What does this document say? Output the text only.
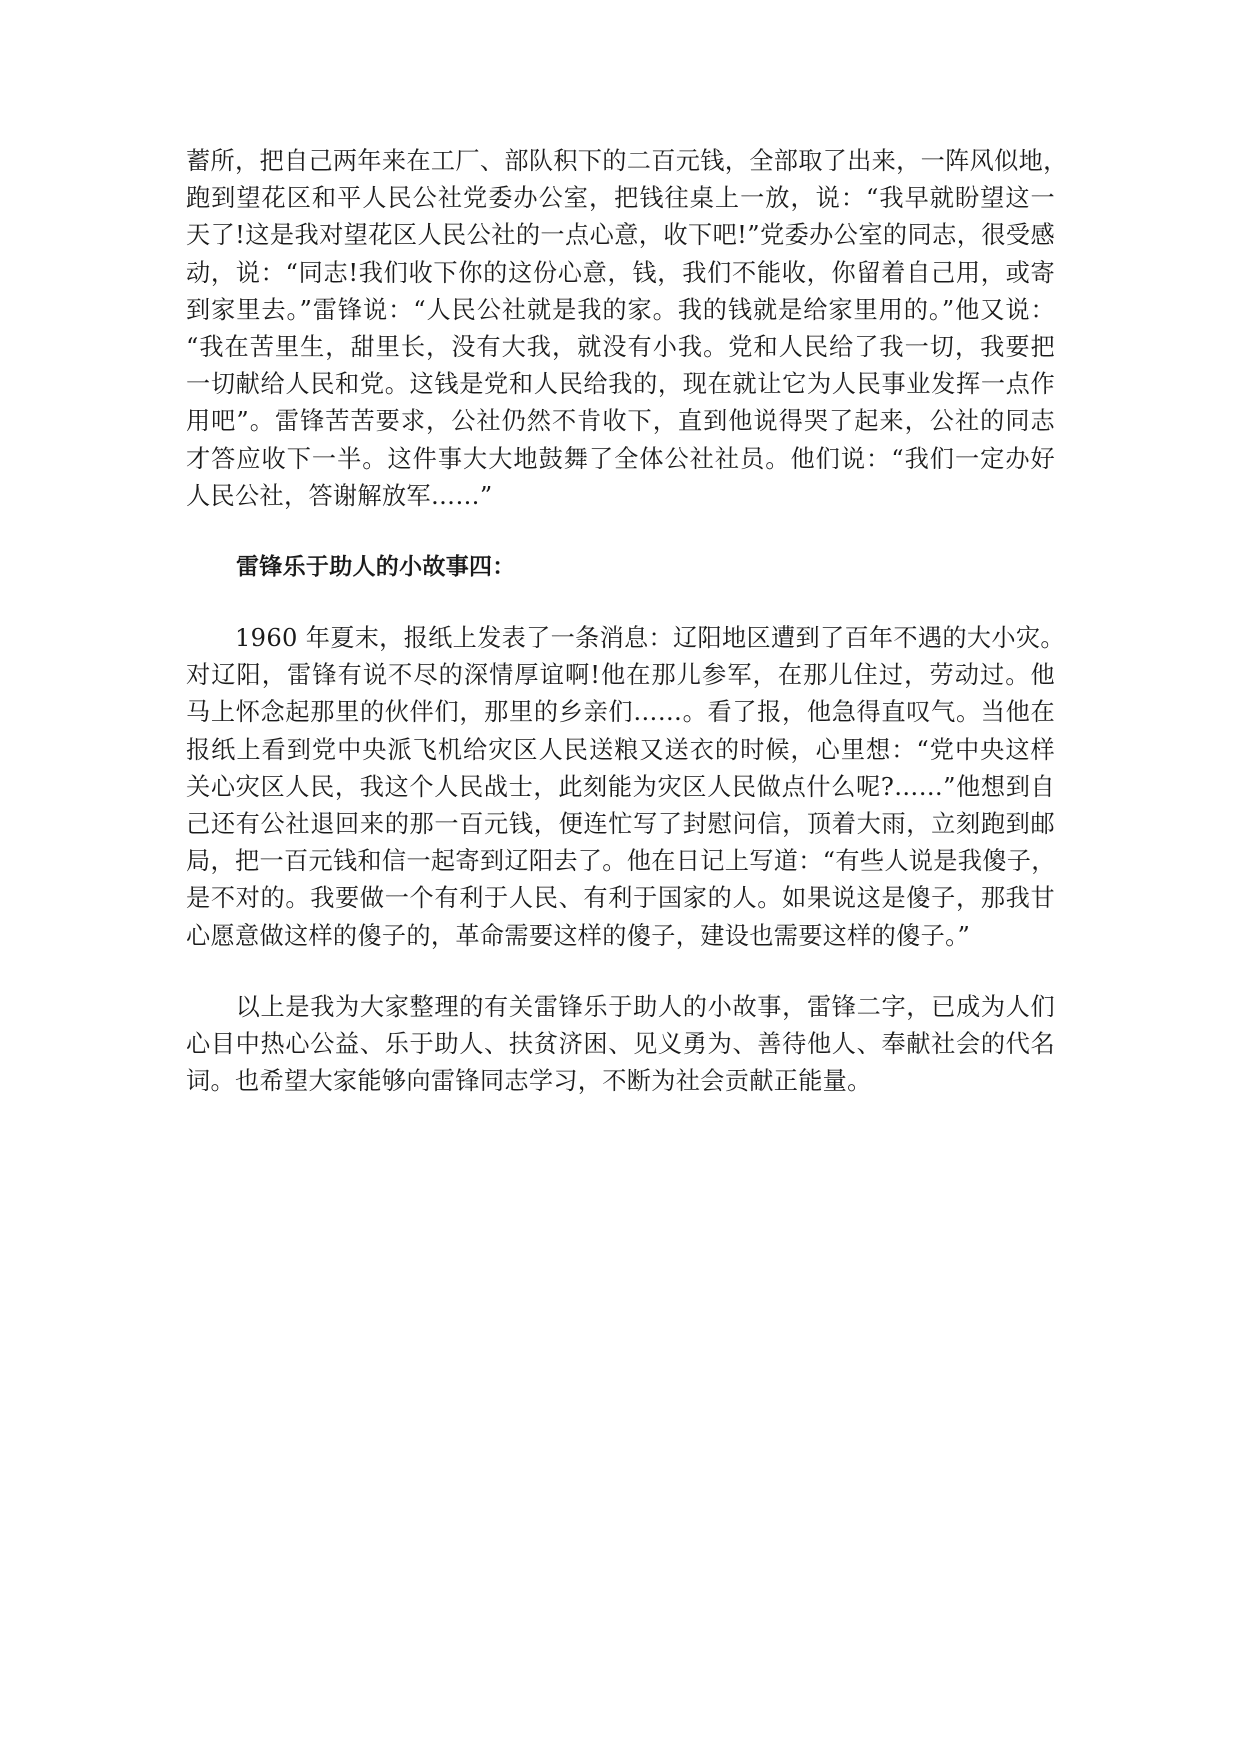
蓄所，把自己两年来在工厂、部队积下的二百元钱，全部取了出来，一阵风似地，
跑到望花区和平人民公社党委办公室，把钱往桌上一放，说：“我早就盼望这一
天了!这是我对望花区人民公社的一点心意，收下吧!”党委办公室的同志，很受感
动，说：“同志!我们收下你的这份心意，钱，我们不能收，你留着自己用，或寄
到家里去。”雷锋说：“人民公社就是我的家。我的钱就是给家里用的。”他又说：
“我在苦里生，甜里长，没有大我，就没有小我。党和人民给了我一切，我要把
一切献给人民和党。这钱是党和人民给我的，现在就让它为人民事业发挥一点作
用吧”。雷锋苦苦要求，公社仍然不肯收下，直到他说得哭了起来，公社的同志
才答应收下一半。这件事大大地鼓舞了全体公社社员。他们说：“我们一定办好
人民公社，答谢解放军……”
雷锋乐于助人的小故事四：
　　1960 年夏末，报纸上发表了一条消息：辽阳地区遭到了百年不遇的大小灾。
对辽阳，雷锋有说不尽的深情厚谊啊!他在那儿参军，在那儿住过，劳动过。他
马上怀念起那里的伙伴们，那里的乡亲们……。看了报，他急得直叹气。当他在
报纸上看到党中央派飞机给灾区人民送粮又送衣的时候，心里想：“党中央这样
关心灾区人民，我这个人民战士，此刻能为灾区人民做点什么呢?……”他想到自
己还有公社退回来的那一百元钱，便连忙写了封慰问信，顶着大雨，立刻跑到邮
局，把一百元钱和信一起寄到辽阳去了。他在日记上写道：“有些人说是我傻子，
是不对的。我要做一个有利于人民、有利于国家的人。如果说这是傻子，那我甘
心愿意做这样的傻子的，革命需要这样的傻子，建设也需要这样的傻子。”
　　以上是我为大家整理的有关雷锋乐于助人的小故事，雷锋二字，已成为人们
心目中热心公益、乐于助人、扶贫济困、见义勇为、善待他人、奉献社会的代名
词。也希望大家能够向雷锋同志学习，不断为社会贡献正能量。
